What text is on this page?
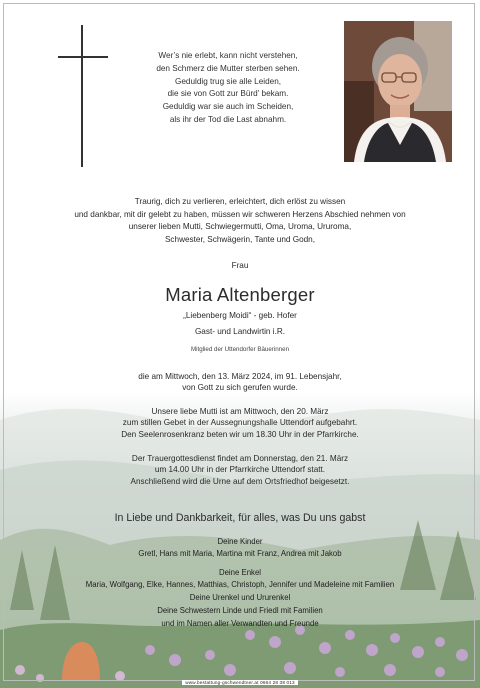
Wer’s nie erlebt, kann nicht verstehen,
den Schmerz die Mutter sterben sehen.
Geduldig trug sie alle Leiden,
die sie von Gott zur Bürd’ bekam.
Geduldig war sie auch im Scheiden,
als ihr der Tod die Last abnahm.
Traurig, dich zu verlieren, erleichtert, dich erlöst zu wissen
und dankbar, mit dir gelebt zu haben, müssen wir schweren Herzens Abschied nehmen von
unserer lieben Mutti, Schwiegermutti, Oma, Uroma, Ururoma,
Schwester, Schwägerin, Tante und Godn,
Frau
Maria Altenberger
„Liebenberg Moidi“ - geb. Hofer
Gast- und Landwirtin i.R.
Mitglied der Uttendorfer Bäuerinnen
die am Mittwoch, den 13. März 2024, im 91. Lebensjahr,
von Gott zu sich gerufen wurde.
Unsere liebe Mutti ist am Mittwoch, den 20. März
zum stillen Gebet in der Aussegnungshalle Uttendorf aufgebahrt.
Den Seelenrosenkranz beten wir um 18.30 Uhr in der Pfarrkirche.
Der Trauergottesdienst findet am Donnerstag, den 21. März
um 14.00 Uhr in der Pfarrkirche Uttendorf statt.
Anschließend wird die Urne auf dem Ortsfriedhof beigesetzt.
In Liebe und Dankbarkeit, für alles, was Du uns gabst
Deine Kinder
Gretl, Hans mit Maria, Martina mit Franz, Andrea mit Jakob
Deine Enkel
Maria, Wolfgang, Elke, Hannes, Matthias, Christoph, Jennifer und Madeleine mit Familien
Deine Urenkel und Ururenkel
Deine Schwestern Linde und Friedl mit Familien
und im Namen aller Verwandten und Freunde
www.bestattung-gschwendtner.at 0664 28 38 013
